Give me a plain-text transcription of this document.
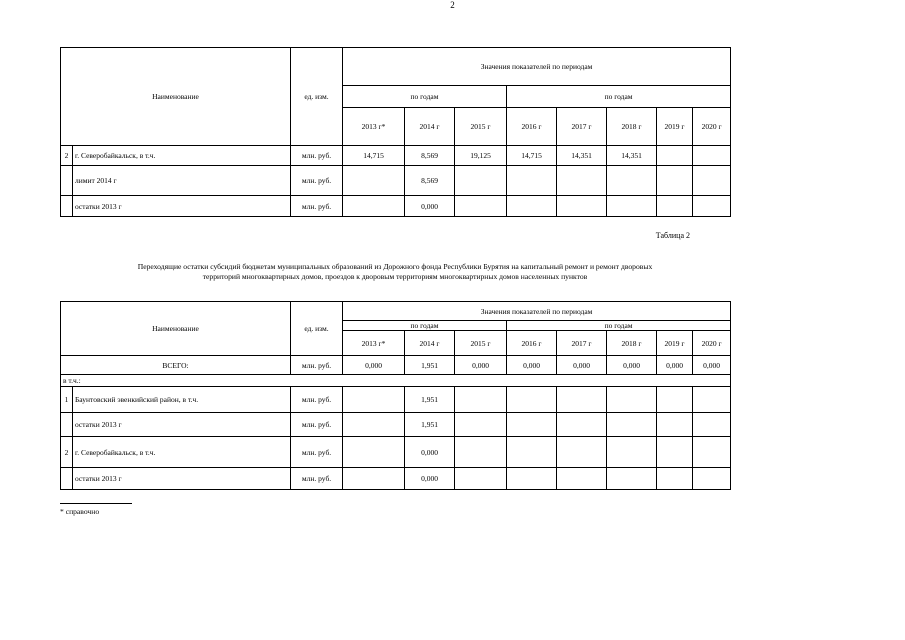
2
Наименование		ед. изм.	Значения показателей по периодам							
			по годам			по годам				
			2013 г*	2014 г	2015 г	2016 г	2017 г	2018 г	2019 г	2020 г
2	г. Северобайкальск, в т.ч.	млн. руб.	14,715	8,569	19,125	14,715	14,351	14,351		
	лимит 2014 г	млн. руб.		8,569						
	остатки 2013 г	млн. руб.		0,000						
Таблица 2
Переходящие остатки субсидий бюджетам муниципальных образований из Дорожного фонда Республики Бурятия на капитальный ремонт и ремонт дворовых
территорий многоквартирных домов, проездов к дворовым территориям многоквартирных домов населенных пунктов
Наименование		ед. изм.	Значения показателей по периодам							
			по годам			по годам				
			2013 г*	2014 г	2015 г	2016 г	2017 г	2018 г	2019 г	2020 г
ВСЕГО:		млн. руб.	0,000	1,951	0,000	0,000	0,000	0,000	0,000	0,000
в т.ч.:										
1	Баунтовский эвенкийский район, в т.ч.	млн. руб.		1,951						
	остатки 2013 г	млн. руб.		1,951						
2	г. Северобайкальск, в т.ч.	млн. руб.		0,000						
	остатки 2013 г	млн. руб.		0,000						
* справочно
